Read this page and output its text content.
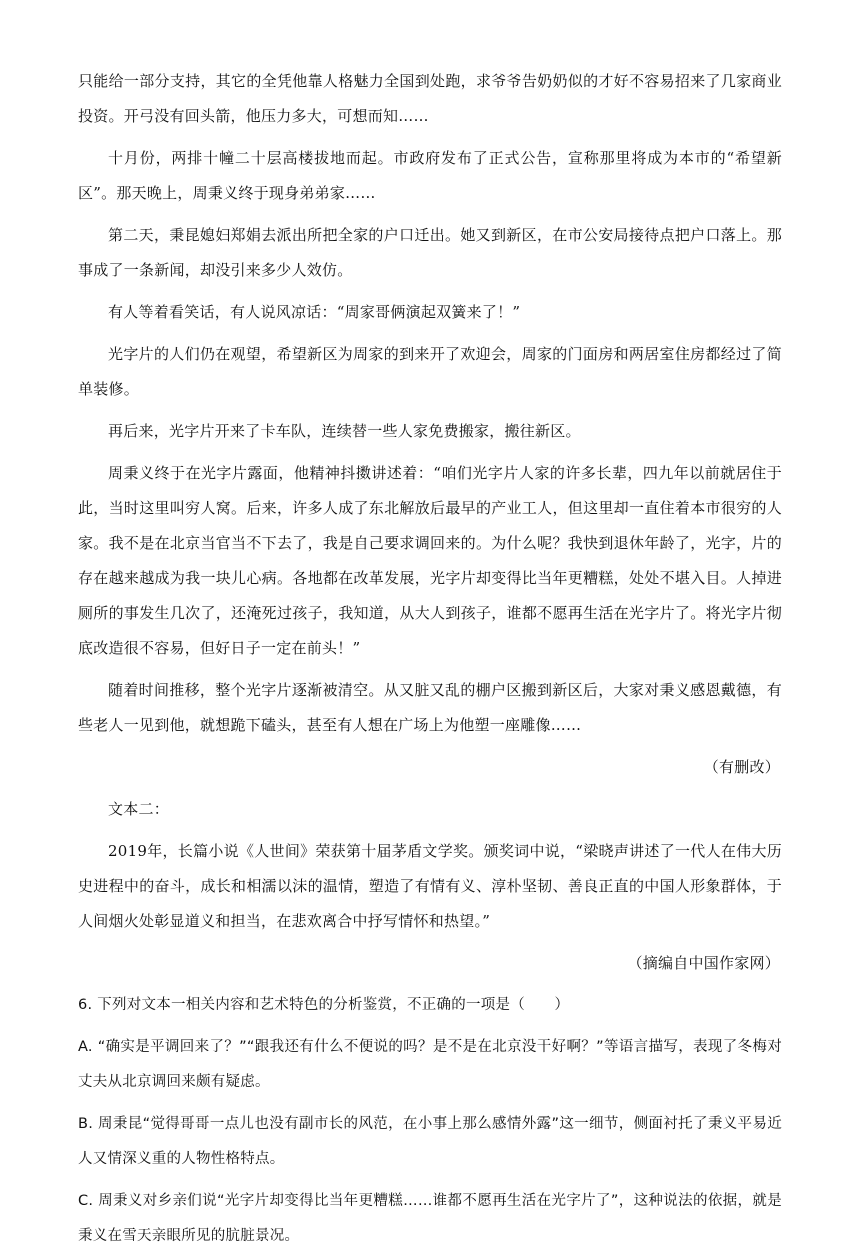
只能给一部分支持，其它的全凭他靠人格魅力全国到处跑，求爷爷告奶奶似的才好不容易招来了几家商业投资。开弓没有回头箭，他压力多大，可想而知……

十月份，两排十幢二十层高楼拔地而起。市政府发布了正式公告，宣称那里将成为本市的“希望新区”。那天晚上，周秉义终于现身弟弟家……

第二天，秉昆媳妇郑娟去派出所把全家的户口迁出。她又到新区，在市公安局接待点把户口落上。那事成了一条新闻，却没引来多少人效仿。

有人等着看笑话，有人说风凉话：“周家哥俩演起双簧来了！”

光字片的人们仍在观望，希望新区为周家的到来开了欢迎会，周家的门面房和两居室住房都经过了简单装修。

再后来，光字片开来了卡车队，连续替一些人家免费搬家，搬往新区。

周秉义终于在光字片露面，他精神抖擞讲述着：“咱们光字片人家的许多长辈，四九年以前就居住于此，当时这里叫穷人窝。后来，许多人成了东北解放后最早的产业工人，但这里却一直住着本市很穷的人家。我不是在北京当官当不下去了，我是自己要求调回来的。为什么呢？我快到退休年龄了，光字，片的存在越来越成为我一块儿心病。各地都在改革发展，光字片却变得比当年更糟糕，处处不堪入目。人掉进厕所的事发生几次了，还淹死过孩子，我知道，从大人到孩子，谁都不愿再生活在光字片了。将光字片彻底改造很不容易，但好日子一定在前头！”

随着时间推移，整个光字片逐渐被清空。从又脏又乱的棚户区搬到新区后，大家对秉义感恩戴德，有些老人一见到他，就想跪下磕头，甚至有人想在广场上为他塑一座雕像……

（有删改）

文本二：

2019年，长篇小说《人世间》荣获第十届茅盾文学奖。颁奖词中说，“梁晓声讲述了一代人在伟大历史进程中的奋斗，成长和相濡以沫的温情，塑造了有情有义、淳朴坚韧、善良正直的中国人形象群体，于人间烟火处彰显道义和担当，在悲欢离合中抒写情怀和热望。”

（摘编自中国作家网）

6. 下列对文本一相关内容和艺术特色的分析鉴赏，不正确的一项是（　　）

A. “确实是平调回来了？”“跟我还有什么不便说的吗？是不是在北京没干好啊？”等语言描写，表现了冬梅对丈夫从北京调回来颇有疑虑。

B. 周秉昆“觉得哥哥一点儿也没有副市长的风范，在小事上那么感情外露”这一细节，侧面衬托了秉义平易近人又情深义重的人物性格特点。

C. 周秉义对乡亲们说“光字片却变得比当年更糟糕……谁都不愿再生活在光字片了”，这种说法的依据，就是秉义在雪天亲眼所见的肮脏景况。
